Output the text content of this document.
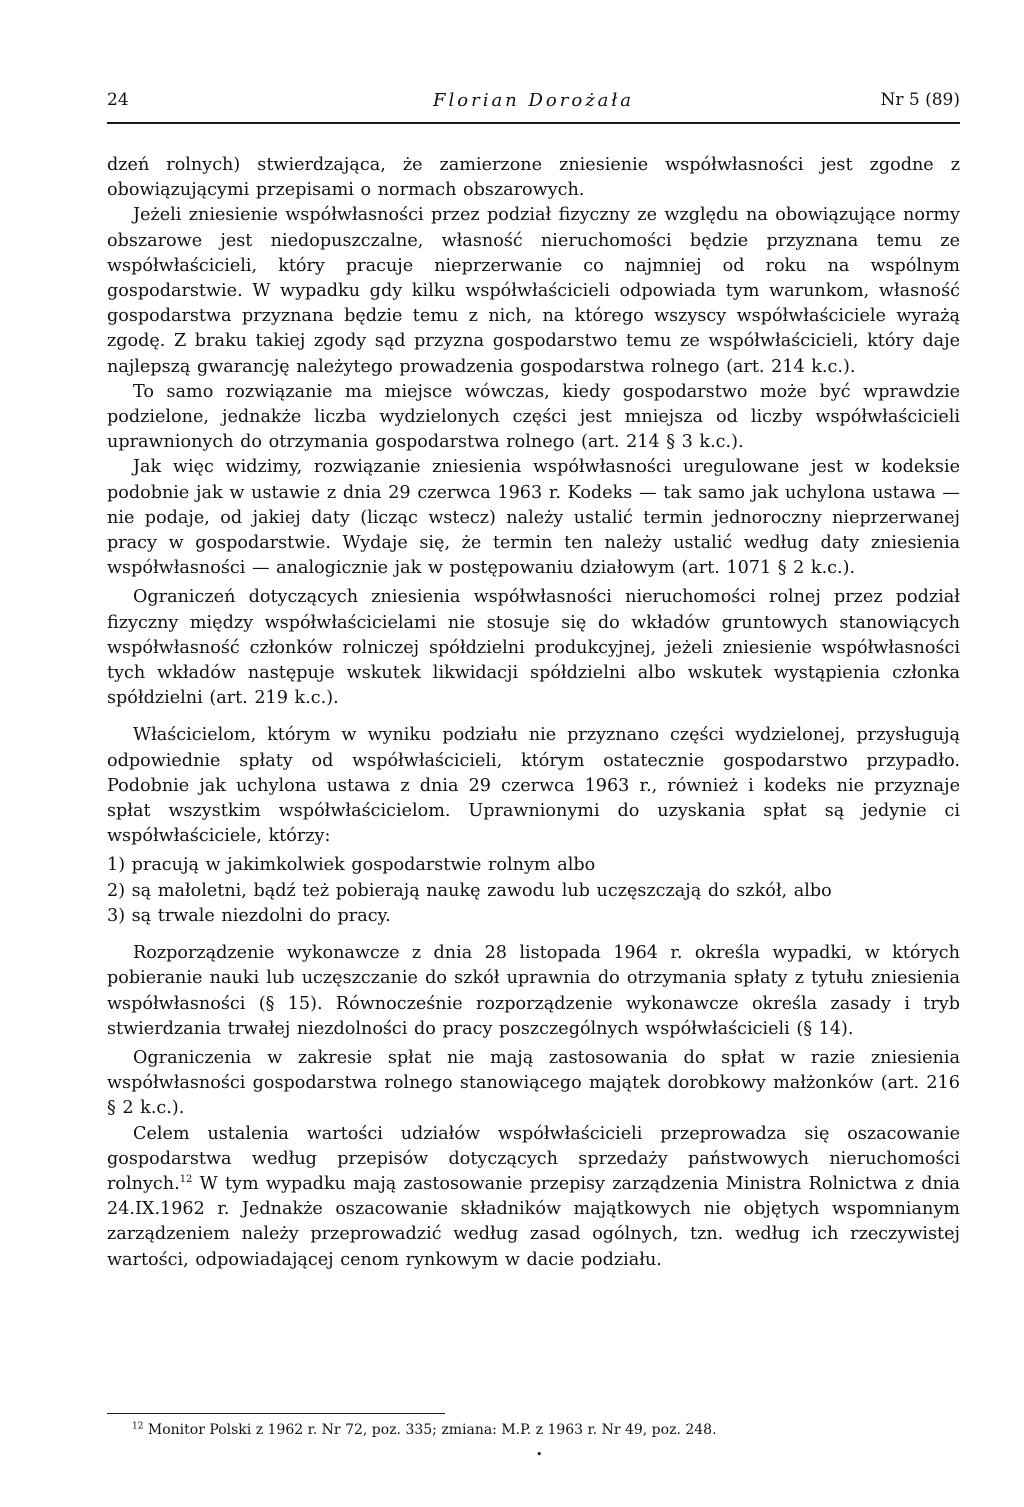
24	Florian Dorożała	Nr 5 (89)

dzeń rolnych) stwierdzająca, że zamierzone zniesienie współwłasności jest zgodne z obowiązującymi przepisami o normach obszarowych.

Jeżeli zniesienie współwłasności przez podział fizyczny ze względu na obowiązujące normy obszarowe jest niedopuszczalne, własność nieruchomości będzie przyznana temu ze współwłaścicieli, który pracuje nieprzerwanie co najmniej od roku na wspólnym gospodarstwie. W wypadku gdy kilku współwłaścicieli odpowiada tym warunkom, własność gospodarstwa przyznana będzie temu z nich, na którego wszyscy współwłaściciele wyrażą zgodę. Z braku takiej zgody sąd przyzna gospodarstwo temu ze współwłaścicieli, który daje najlepszą gwarancję należytego prowadzenia gospodarstwa rolnego (art. 214 k.c.).

To samo rozwiązanie ma miejsce wówczas, kiedy gospodarstwo może być wprawdzie podzielone, jednakże liczba wydzielonych części jest mniejsza od liczby współwłaścicieli uprawnionych do otrzymania gospodarstwa rolnego (art. 214 § 3 k.c.).

Jak więc widzimy, rozwiązanie zniesienia współwłasności uregulowane jest w kodeksie podobnie jak w ustawie z dnia 29 czerwca 1963 r. Kodeks — tak samo jak uchylona ustawa — nie podaje, od jakiej daty (licząc wstecz) należy ustalić termin jednoroczny nieprzerwanej pracy w gospodarstwie. Wydaje się, że termin ten należy ustalić według daty zniesienia współwłasności — analogicznie jak w postępowaniu działowym (art. 1071 § 2 k.c.).

Ograniczeń dotyczących zniesienia współwłasności nieruchomości rolnej przez podział fizyczny między współwłaścicielami nie stosuje się do wkładów gruntowych stanowiących współwłasność członków rolniczej spółdzielni produkcyjnej, jeżeli zniesienie współwłasności tych wkładów następuje wskutek likwidacji spółdzielni albo wskutek wystąpienia członka spółdzielni (art. 219 k.c.).

Właścicielom, którym w wyniku podziału nie przyznano części wydzielonej, przysługują odpowiednie spłaty od współwłaścicieli, którym ostatecznie gospodarstwo przypadło. Podobnie jak uchylona ustawa z dnia 29 czerwca 1963 r., również i kodeks nie przyznaje spłat wszystkim współwłaścicielom. Uprawnionymi do uzyskania spłat są jedynie ci współwłaściciele, którzy:

1) pracują w jakimkolwiek gospodarstwie rolnym albo

2) są małoletni, bądź też pobierają naukę zawodu lub uczęszczają do szkół, albo

3) są trwale niezdolni do pracy.

Rozporządzenie wykonawcze z dnia 28 listopada 1964 r. określa wypadki, w których pobieranie nauki lub uczęszczanie do szkół uprawnia do otrzymania spłaty z tytułu zniesienia współwłasności (§ 15). Równocześnie rozporządzenie wykonawcze określa zasady i tryb stwierdzania trwałej niezdolności do pracy poszczególnych współwłaścicieli (§ 14).

Ograniczenia w zakresie spłat nie mają zastosowania do spłat w razie zniesienia współwłasności gospodarstwa rolnego stanowiącego majątek dorobkowy małżonków (art. 216 § 2 k.c.).

Celem ustalenia wartości udziałów współwłaścicieli przeprowadza się oszacowanie gospodarstwa według przepisów dotyczących sprzedaży państwowych nieruchomości rolnych.$^{12}$ W tym wypadku mają zastosowanie przepisy zarządzenia Ministra Rolnictwa z dnia 24.IX.1962 r. Jednakże oszacowanie składników majątkowych nie objętych wspomnianym zarządzeniem należy przeprowadzić według zasad ogólnych, tzn. według ich rzeczywistej wartości, odpowiadającej cenom rynkowym w dacie podziału.

$^{12}$ Monitor Polski z 1962 r. Nr 72, poz. 335; zmiana: M.P. z 1963 r. Nr 49, poz. 248.
•
